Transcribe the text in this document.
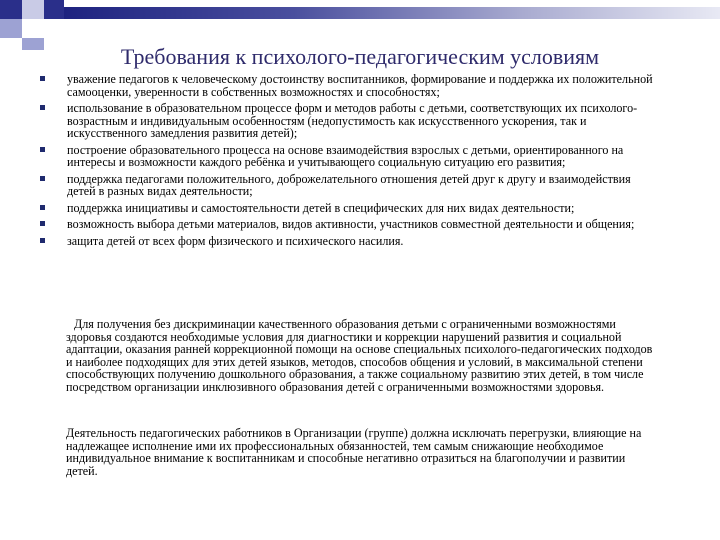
Требования к психолого-педагогическим условиям
уважение педагогов к человеческому достоинству воспитанников, формирование и поддержка их положительной самооценки, уверенности в собственных возможностях и способностях;
использование в образовательном процессе форм и методов работы с детьми, соответствующих их психолого-возрастным и индивидуальным особенностям (недопустимость как искусственного ускорения, так и искусственного замедления развития детей);
построение образовательного процесса на основе взаимодействия взрослых с детьми, ориентированного на интересы и возможности каждого ребёнка и учитывающего социальную ситуацию его развития;
поддержка педагогами положительного, доброжелательного отношения детей друг к другу и взаимодействия детей в разных видах деятельности;
поддержка инициативы и самостоятельности детей в специфических для них видах деятельности;
возможность выбора детьми материалов, видов активности, участников совместной деятельности и общения;
защита детей от всех форм физического и психического насилия.

Для получения без дискриминации качественного образования детьми с ограниченными возможностями здоровья создаются необходимые условия для диагностики и коррекции нарушений развития и социальной адаптации, оказания ранней коррекционной помощи на основе специальных психолого-педагогических подходов и наиболее подходящих для этих детей языков, методов, способов общения и условий, в максимальной степени способствующих получению дошкольного образования, а также социальному развитию этих детей, в том числе посредством организации инклюзивного образования детей с ограниченными возможностями здоровья.

Деятельность педагогических работников в Организации (группе) должна исключать перегрузки, влияющие на надлежащее исполнение ими их профессиональных обязанностей, тем самым снижающие необходимое индивидуальное внимание к воспитанникам и способные негативно отразиться на благополучии и развитии детей.
